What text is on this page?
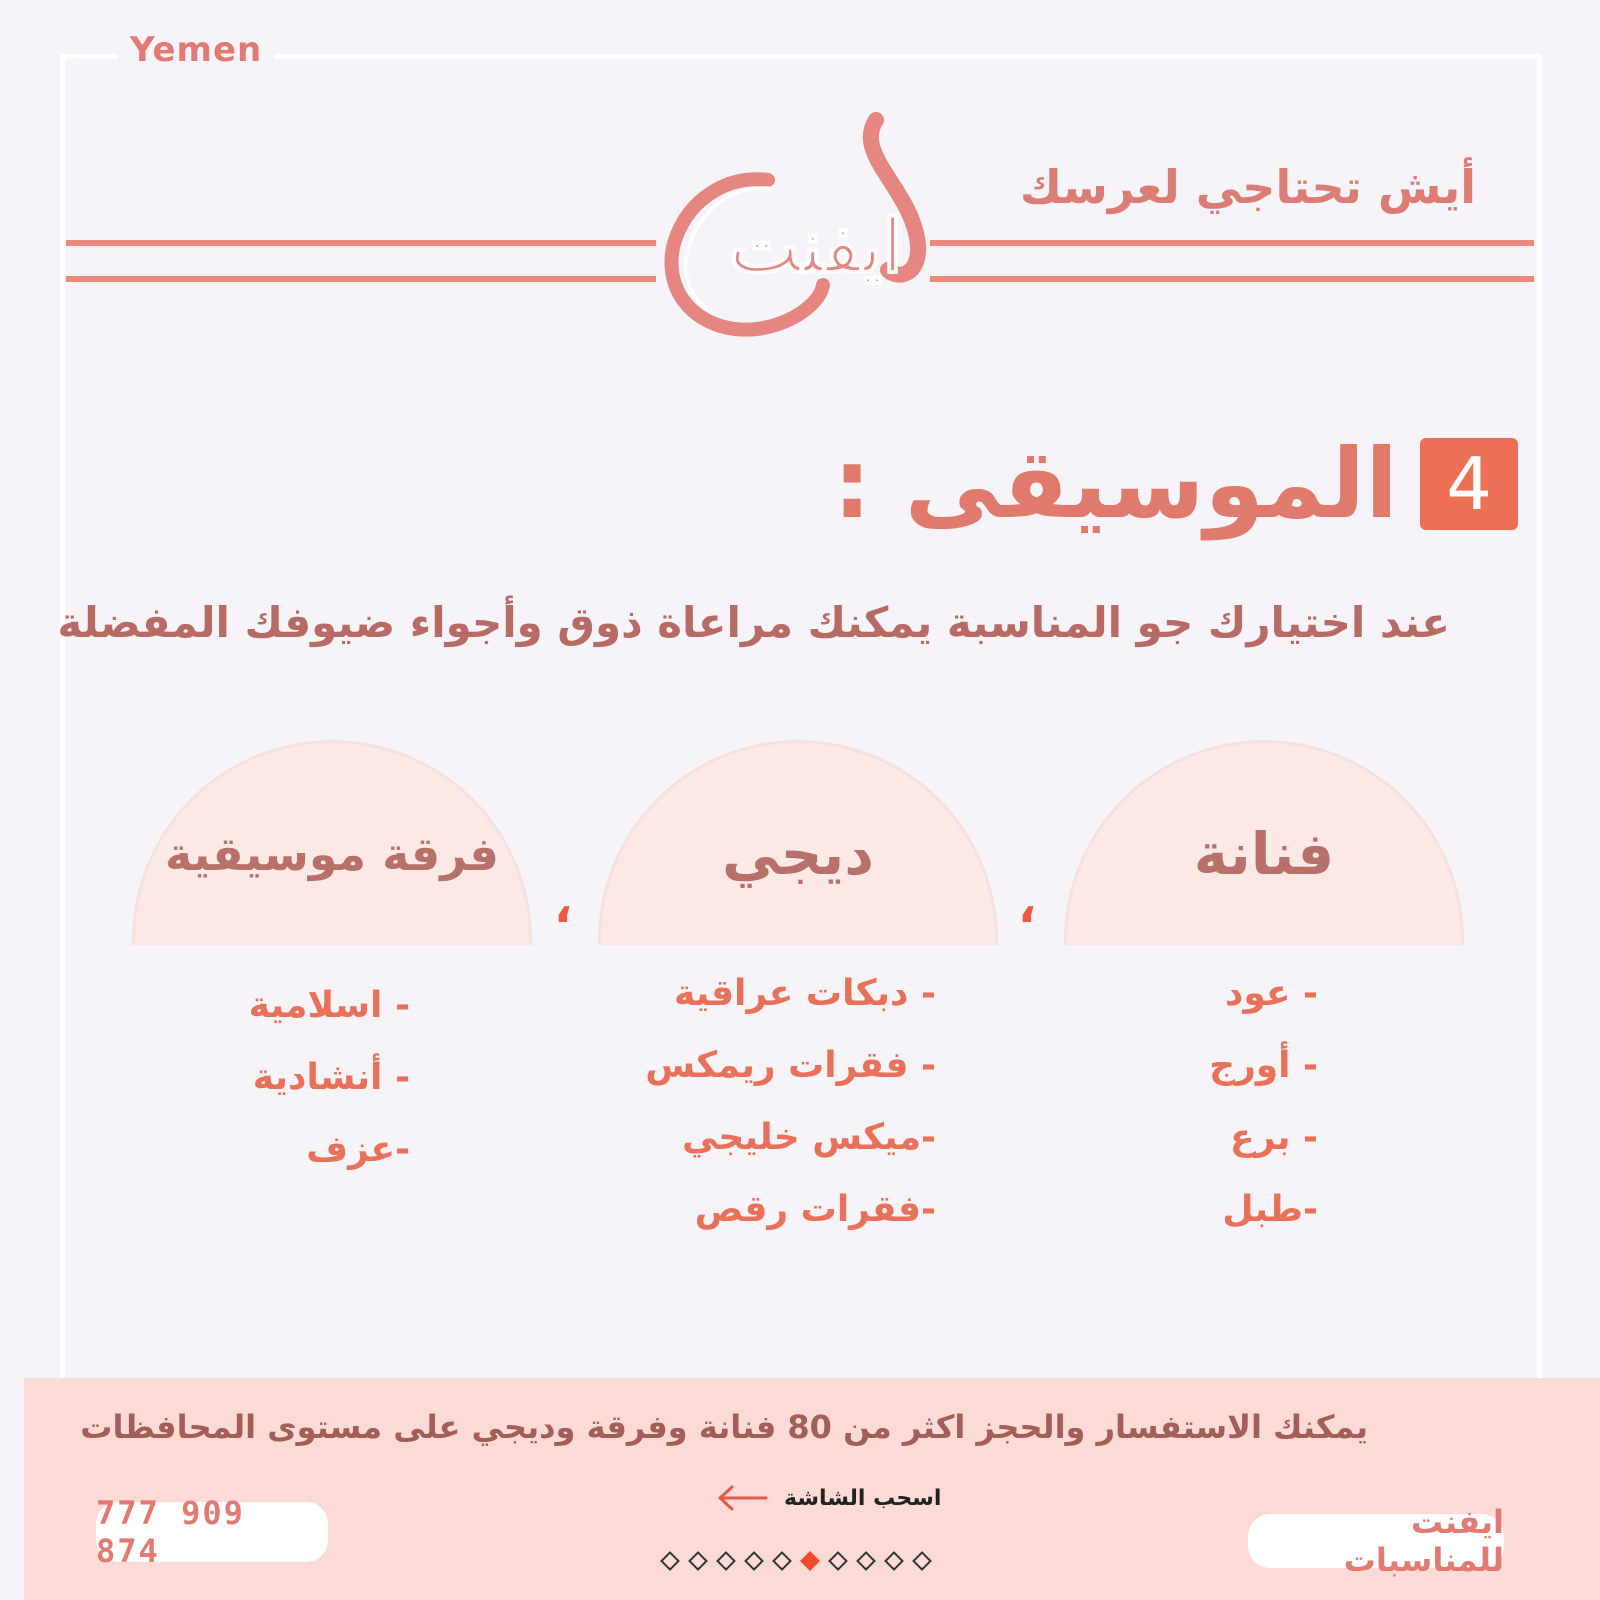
Yemen
أيش تحتاجي لعرسك
ايفنت
4
الموسيقى :
عند اختيارك جو المناسبة يمكنك مراعاة ذوق وأجواء ضيوفك المفضلة
فنانة
ديجي
فرقة موسيقية
،
،
- عود
- أورج
- برع
-طبل
- دبكات عراقية
- فقرات ريمكس
-ميكس خليجي
-فقرات رقص
- اسلامية
- أنشادية
-عزف
يمكنك الاستفسار والحجز اكثر من 80 فنانة وفرقة وديجي على مستوى المحافظات
اسحب الشاشة
777 909 874
ايفنت للمناسبات
